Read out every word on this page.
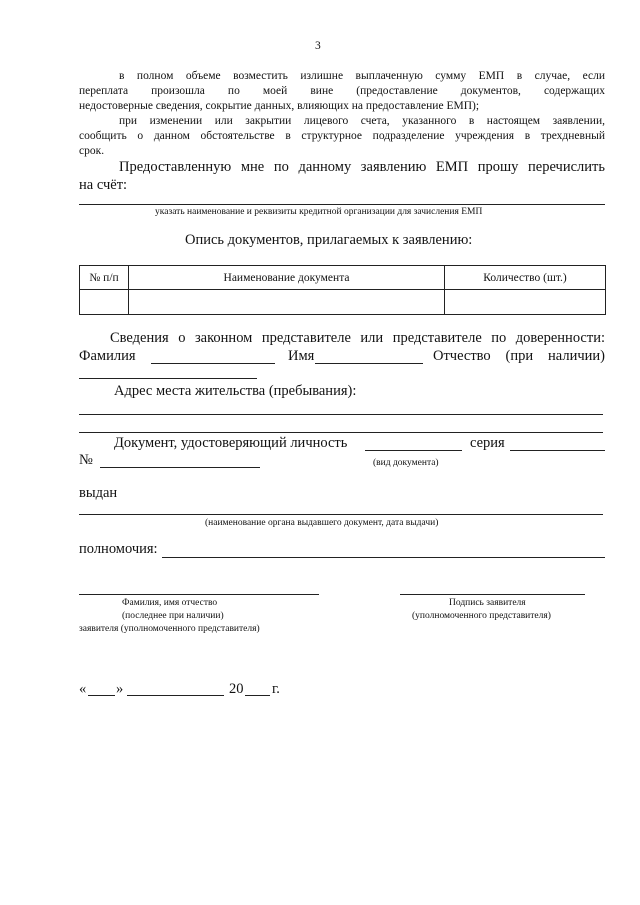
3
в полном объеме возместить излишне выплаченную сумму ЕМП в случае, если
переплата произошла по моей вине (предоставление документов, содержащих
недостоверные сведения, сокрытие данных, влияющих на предоставление ЕМП);
при изменении или закрытии лицевого счета, указанного в настоящем заявлении,
сообщить о данном обстоятельстве в структурное подразделение учреждения в трехдневный
срок.
Предоставленную мне по данному заявлению ЕМП прошу перечислить
на счёт:
указать наименование и реквизиты кредитной организации для зачисления ЕМП
Опись документов, прилагаемых к заявлению:
№ п/п	Наименование документа	Количество (шт.)

Сведения о законном представителе или представителе по доверенности:
Фамилия	Имя	Отчество (при наличии)
Адрес места жительства (пребывания):
Документ, удостоверяющий личность	серия
№	(вид документа)
выдан
(наименование органа выдавшего документ, дата выдачи)
полномочия:
Фамилия, имя отчество
(последнее при наличии)
заявителя (уполномоченного представителя)
Подпись заявителя
(уполномоченного представителя)
« »	20 г.
